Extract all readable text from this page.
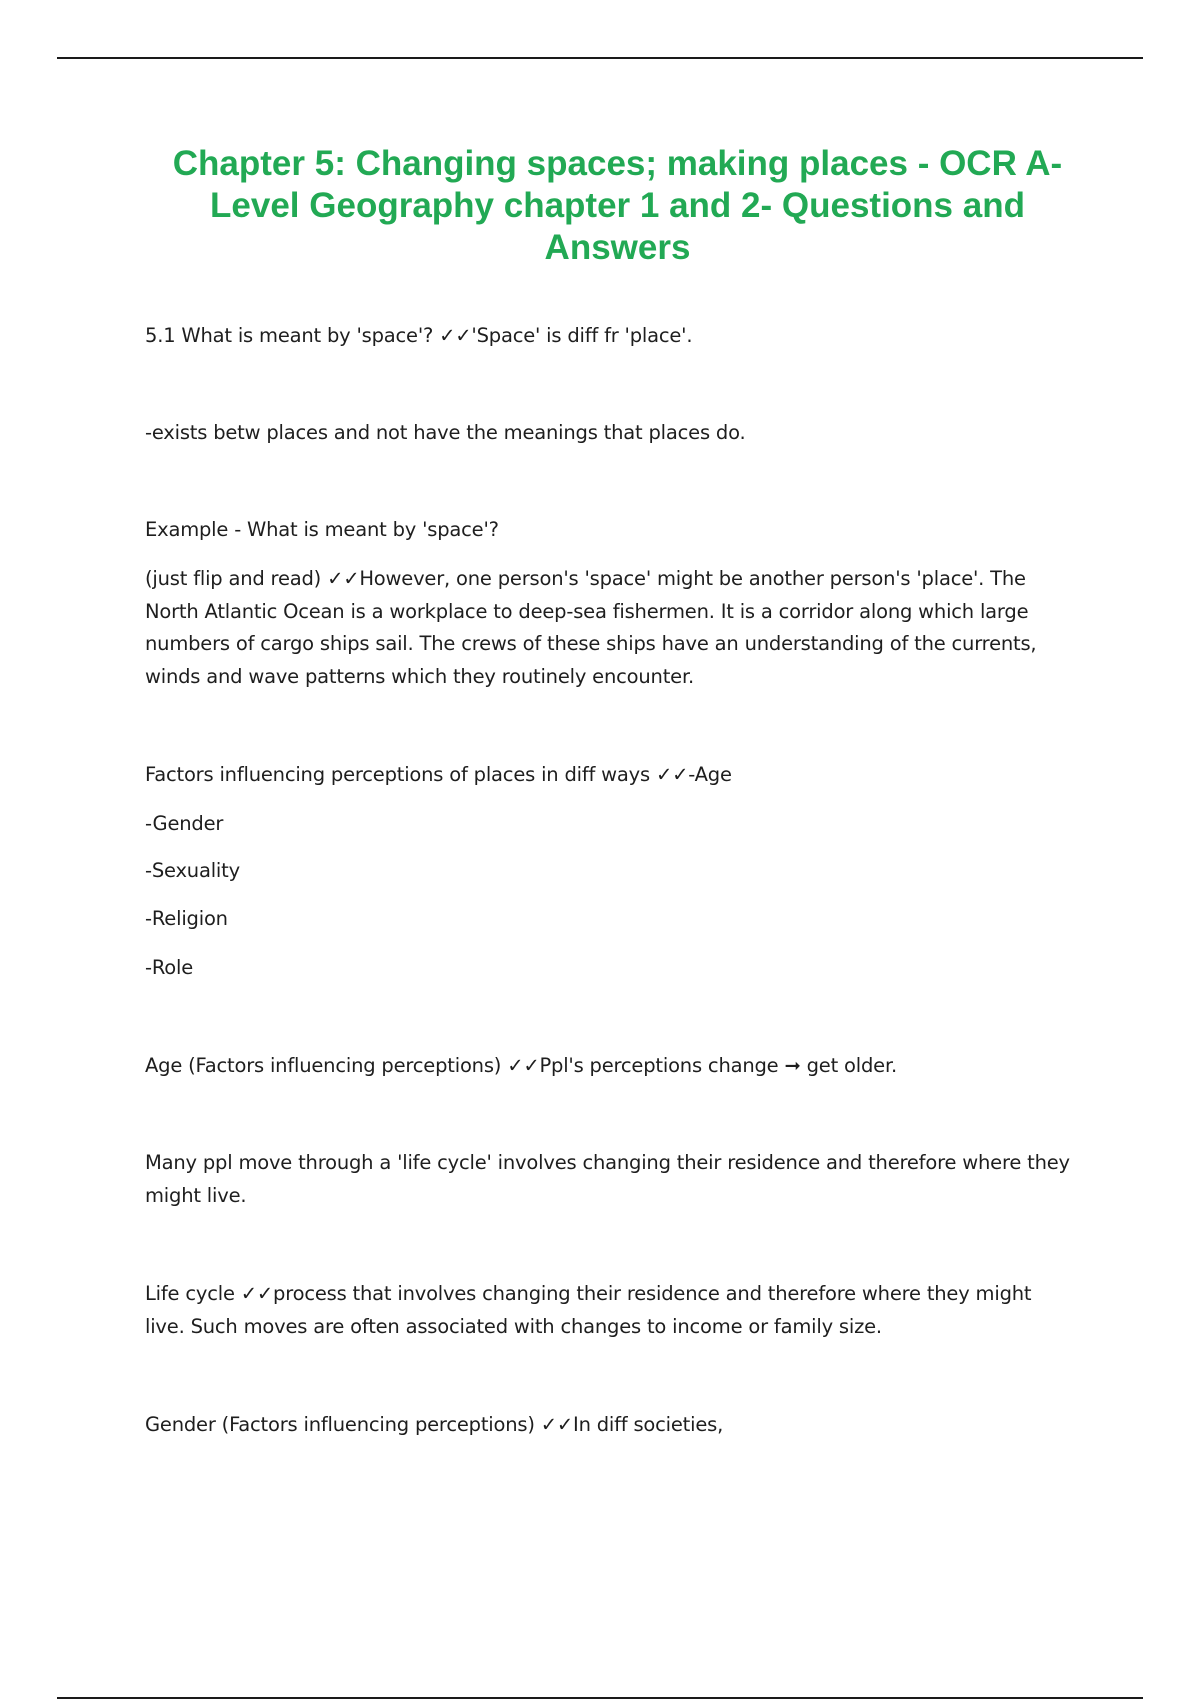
Chapter 5: Changing spaces; making places - OCR A-Level Geography chapter 1 and 2- Questions and Answers

5.1 What is meant by 'space'? ✓✓'Space' is diff fr 'place'.

-exists betw places and not have the meanings that places do.

Example - What is meant by 'space'?

(just flip and read) ✓✓However, one person's 'space' might be another person's 'place'. The North Atlantic Ocean is a workplace to deep-sea fishermen. It is a corridor along which large numbers of cargo ships sail. The crews of these ships have an understanding of the currents, winds and wave patterns which they routinely encounter.

Factors influencing perceptions of places in diff ways ✓✓-Age

-Gender

-Sexuality

-Religion

-Role

Age (Factors influencing perceptions) ✓✓Ppl's perceptions change ➞ get older.

Many ppl move through a 'life cycle' involves changing their residence and therefore where they might live.

Life cycle ✓✓process that involves changing their residence and therefore where they might live. Such moves are often associated with changes to income or family size.

Gender (Factors influencing perceptions) ✓✓In diff societies,
